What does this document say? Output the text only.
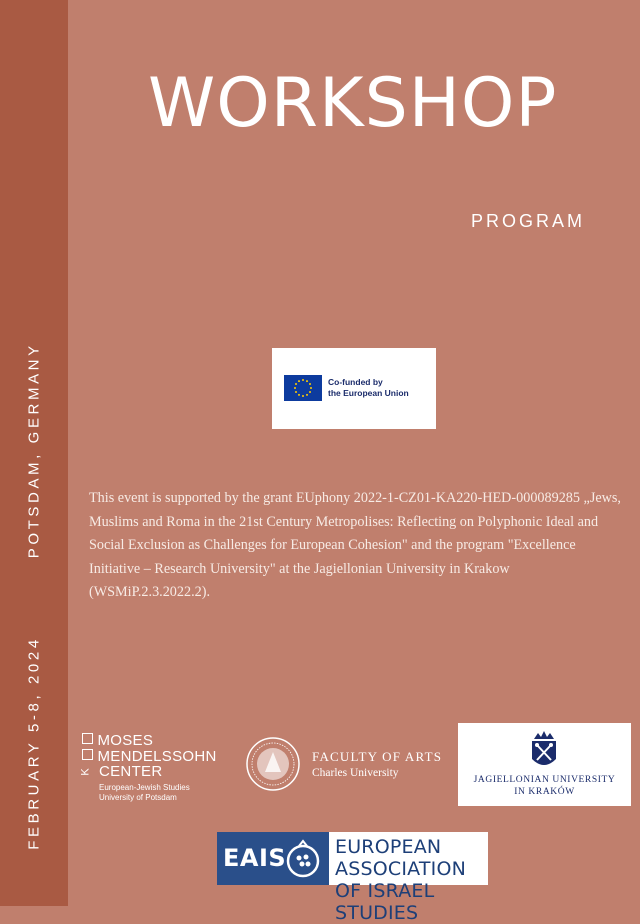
FEBRUARY 5-8, 2024POTSDAM, GERMANY
WORKSHOP
PROGRAM
Co-funded by
the European Union

This event is supported by the grant EUphony 2022-1-CZ01-KA220-HED-000089285 „Jews, Muslims and Roma in the 21st Century Metropolises: Reflecting on Polyphonic Ideal and Social Exclusion as Challenges for European Cohesion" and the program "Excellence Initiative – Research University" at the Jagiellonian University in Krakow (WSMiP.2.3.2022.2).

K
MOSES
MENDELSSOHN
CENTER
European-Jewish Studies
University of Potsdam
FACULTY OF ARTS
Charles University
JAGIELLONIAN UNIVERSITY
IN KRAKÓW
EAIS	EUROPEAN ASSOCIATION
OF ISRAEL STUDIES
